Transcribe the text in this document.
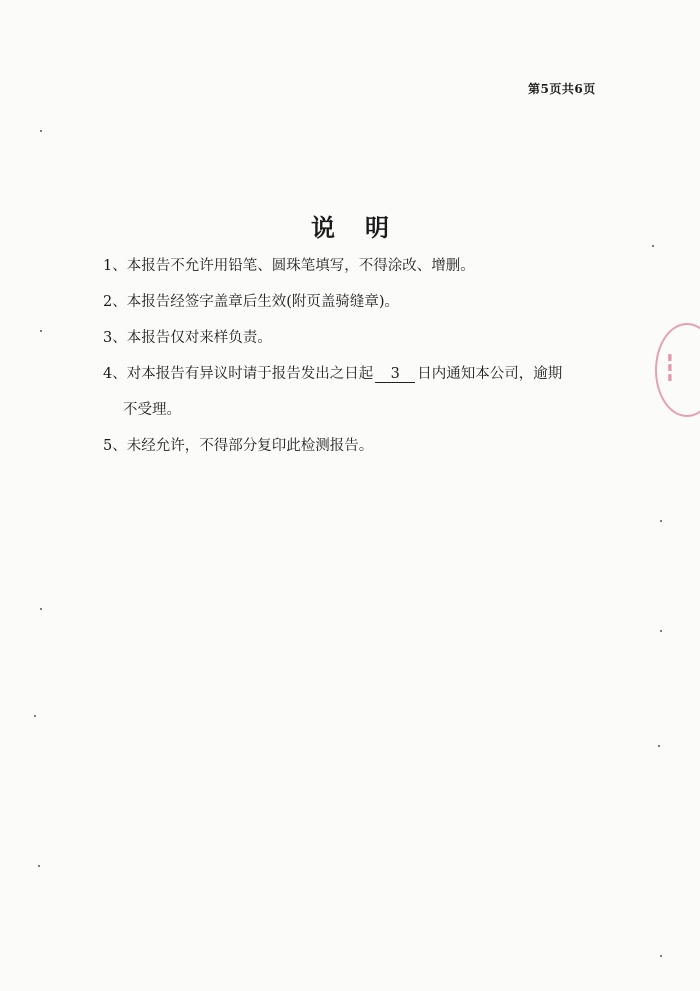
第5页共6页
说明
1、本报告不允许用铅笔、圆珠笔填写，不得涂改、增删。
2、本报告经签字盖章后生效(附页盖骑缝章)。
3、本报告仅对来样负责。
4、对本报告有异议时请于报告发出之日起 3 日内通知本公司，逾期
不受理。
5、未经允许，不得部分复印此检测报告。
▮▮▮
